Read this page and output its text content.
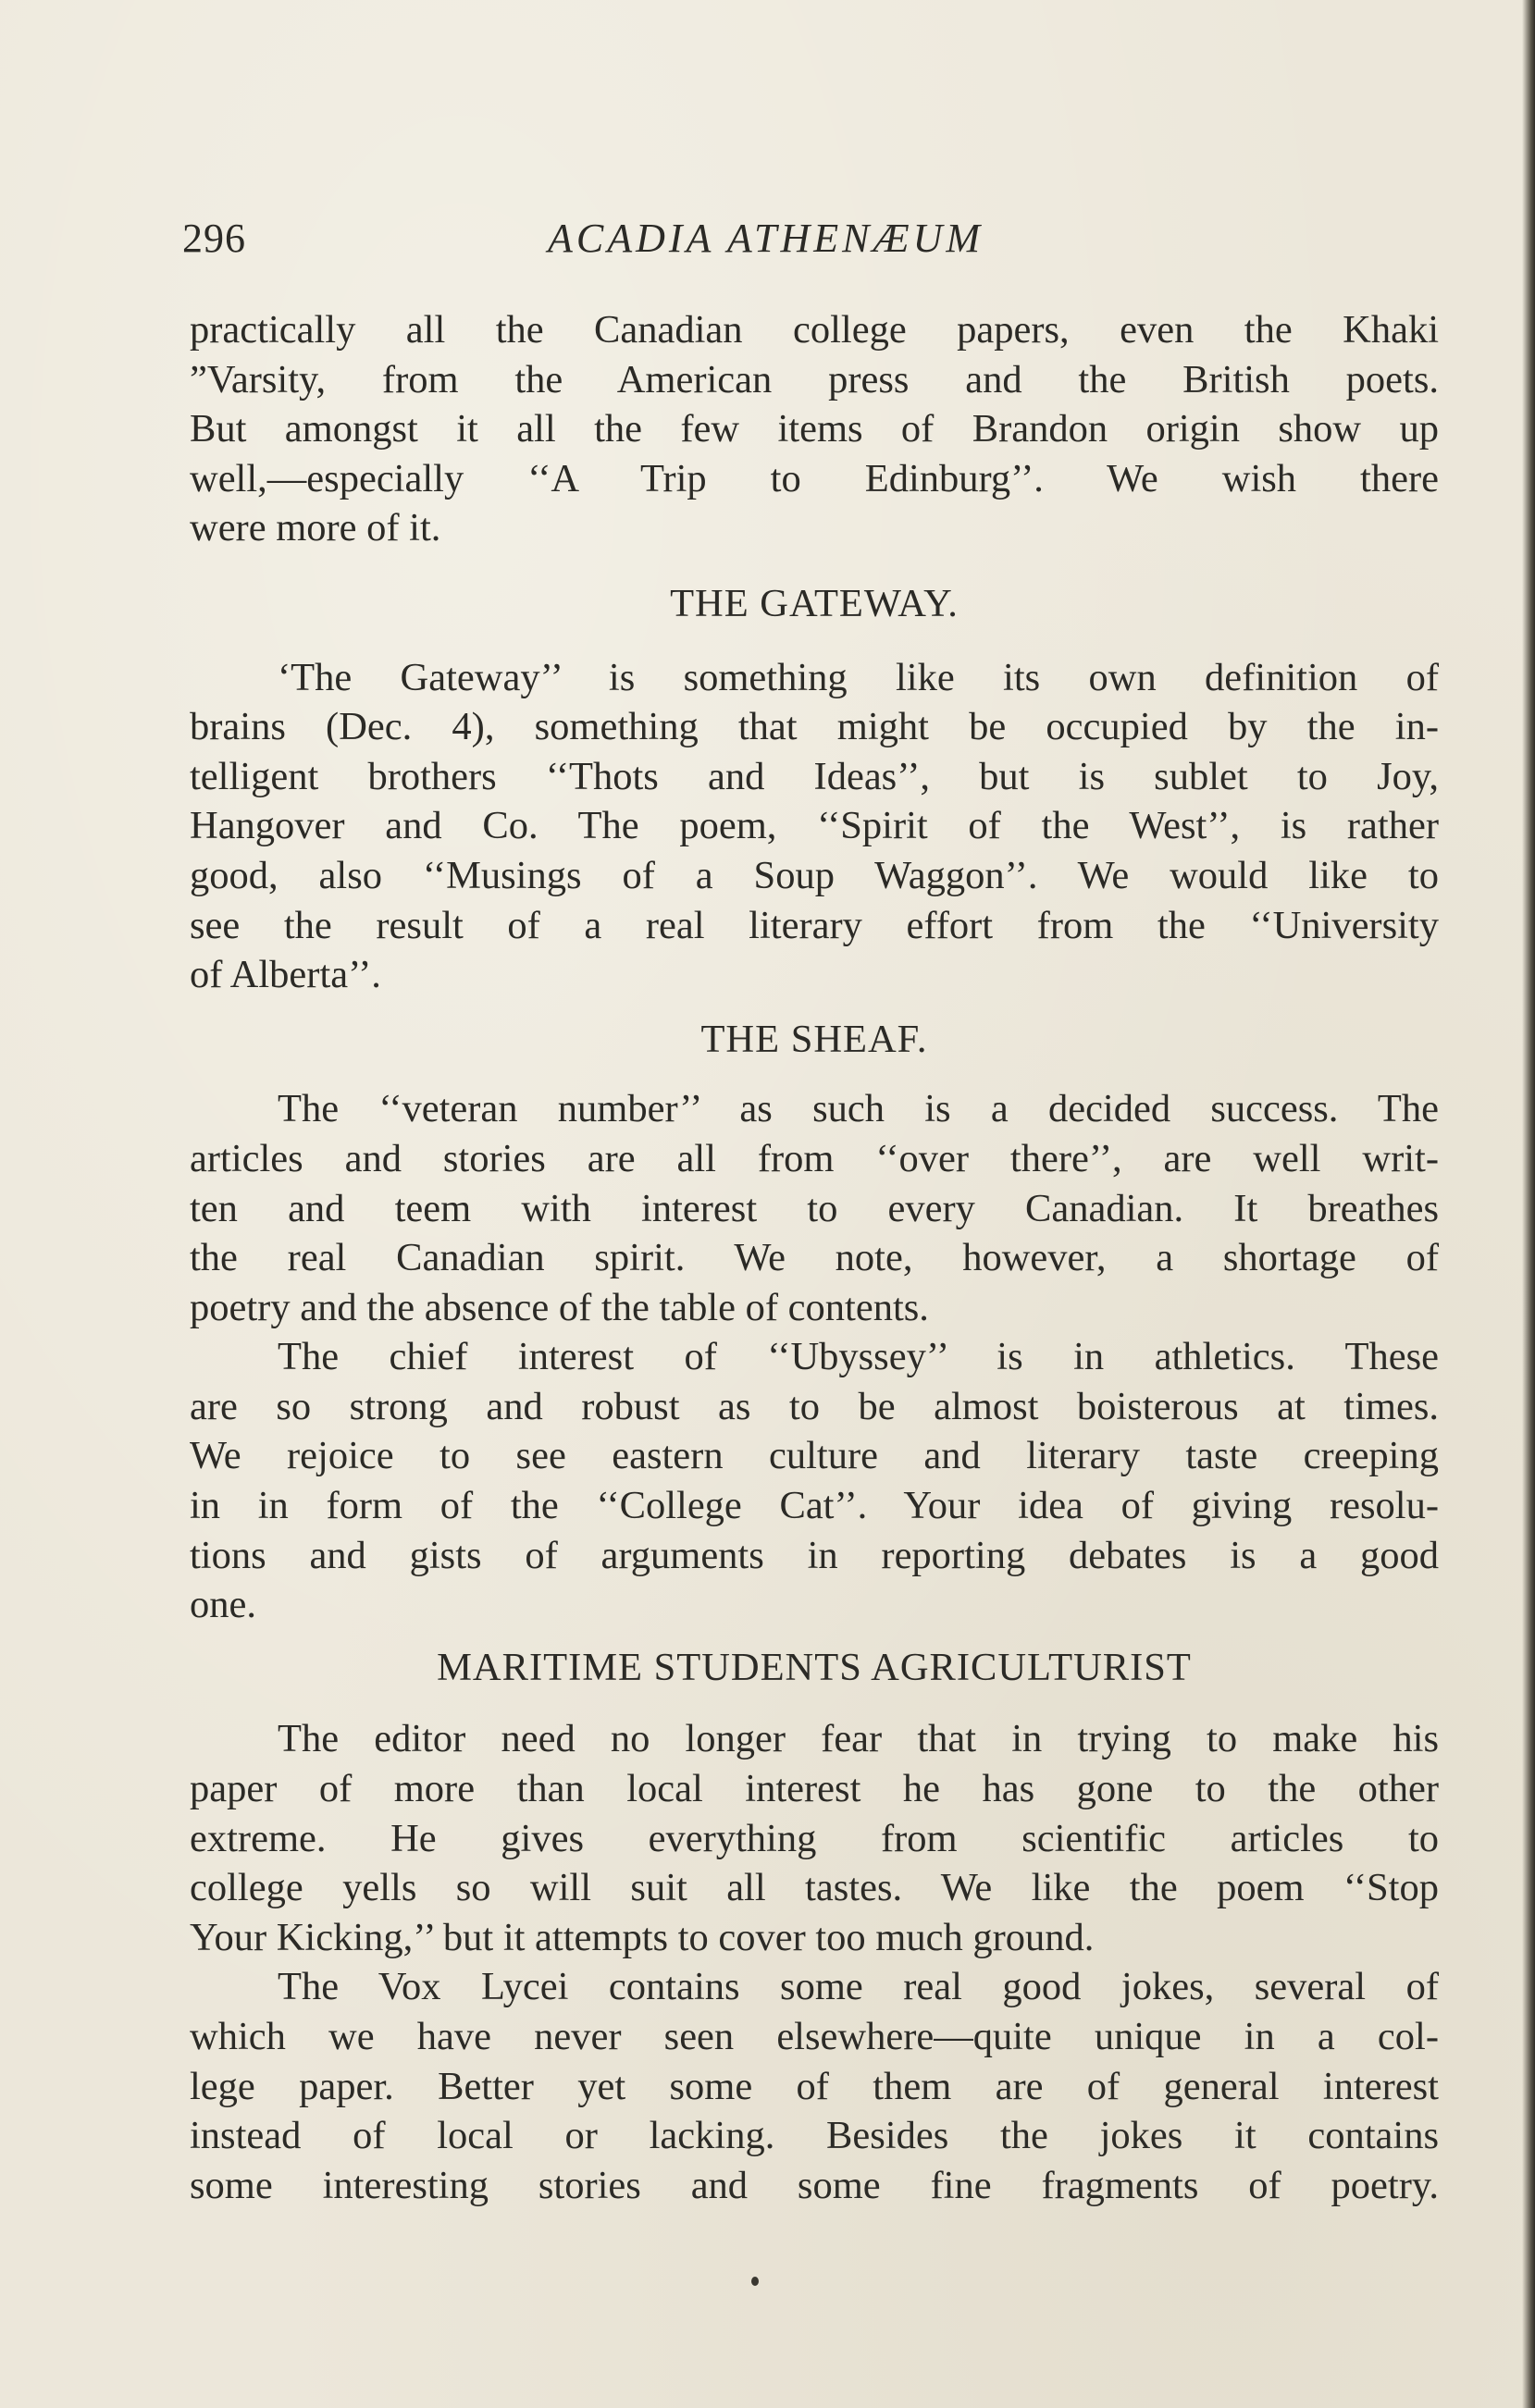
296	ACADIA ATHENÆUM

practically all the Canadian college papers, even the Khaki

”Varsity, from the American press and the British poets.

But amongst it all the few items of Brandon origin show up

well,—especially ‘‘A Trip to Edinburg’’. We wish there

were more of it.

THE GATEWAY.

‘The Gateway’’ is something like its own definition of

brains (Dec. 4), something that might be occupied by the in-

telligent brothers ‘‘Thots and Ideas’’, but is sublet to Joy,

Hangover and Co. The poem, ‘‘Spirit of the West’’, is rather

good, also ‘‘Musings of a Soup Waggon’’. We would like to

see the result of a real literary effort from the ‘‘University

of Alberta’’.

THE SHEAF.

The ‘‘veteran number’’ as such is a decided success. The

articles and stories are all from ‘‘over there’’, are well writ-

ten and teem with interest to every Canadian. It breathes

the real Canadian spirit. We note, however, a shortage of

poetry and the absence of the table of contents.

The chief interest of ‘‘Ubyssey’’ is in athletics. These

are so strong and robust as to be almost boisterous at times.

We rejoice to see eastern culture and literary taste creeping

in in form of the ‘‘College Cat’’. Your idea of giving resolu-

tions and gists of arguments in reporting debates is a good

one.

MARITIME STUDENTS AGRICULTURIST

The editor need no longer fear that in trying to make his

paper of more than local interest he has gone to the other

extreme. He gives everything from scientific articles to

college yells so will suit all tastes. We like the poem ‘‘Stop

Your Kicking,’’ but it attempts to cover too much ground.

The Vox Lycei contains some real good jokes, several of

which we have never seen elsewhere—quite unique in a col-

lege paper. Better yet some of them are of general interest

instead of local or lacking. Besides the jokes it contains

some interesting stories and some fine fragments of poetry.
